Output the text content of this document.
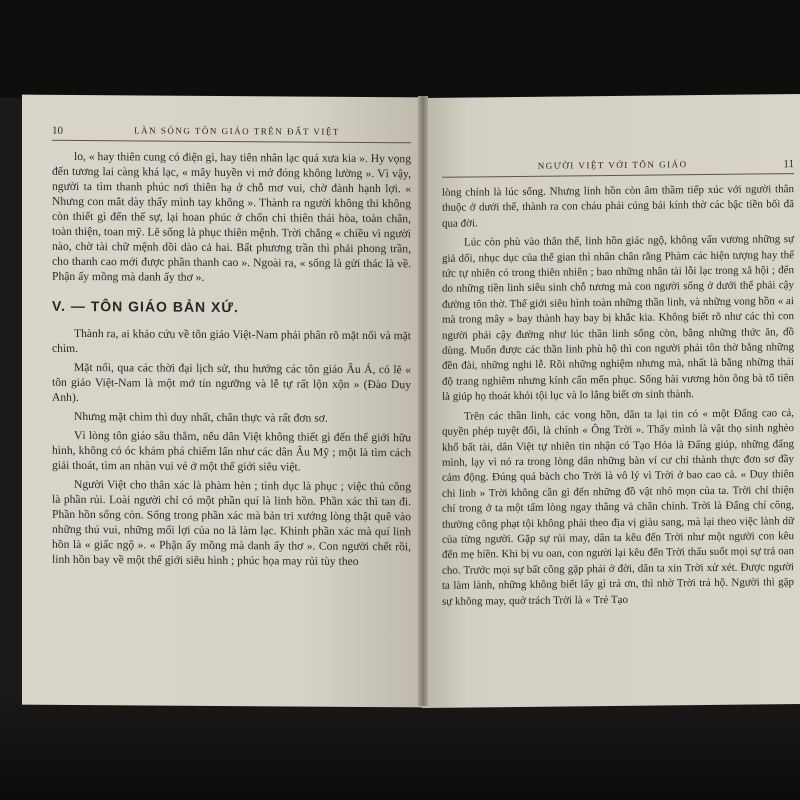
10	LÀN SÓNG TÔN GIÁO TRÊN ĐẤT VIỆT

lo, « hay thiên cung có điện gì, hay tiên nhân lạc quá xưa kia ». Hy vọng đến tương lai càng khá lạc, « mây huyền vi mở đóng không lường ». Vì vậy, người ta tìm thanh phúc nơi thiên hạ ở chỗ mơ vui, chờ đành hạnh lợi. « Nhưng con mắt dày thấy mình tay không ». Thành ra người không thi không còn thiết gì đến thế sự, lại hoan phúc ở chốn chi thiên thái hòa, toàn chân, toàn thiện, toan mỹ. Lẽ sống là phục thiên mệnh. Trời chẳng « chiều vì người nào, chờ tài chữ mệnh dồi dào cả hai. Bất phương trần thì phải phong trần, cho thanh cao mới được phần thanh cao ». Ngoài ra, « sống là gửi thác là về. Phận ấy mồng mà danh ấy thơ ».

V. — TÔN GIÁO BẢN XỨ.

Thành ra, ai khảo cứu về tôn giáo Việt-Nam phải phân rõ mặt nổi và mặt chìm.

Mặt nổi, qua các thời đại lịch sử, thu hướng các tôn giáo Âu Á, có lẽ « tôn giáo Việt-Nam là một mớ tín ngưỡng và lễ tự rất lộn xộn » (Đào Duy Anh).

Nhưng mặt chìm thì duy nhất, chân thực và rất đơn sơ.

Vì lòng tôn giáo sâu thẳm, nếu dân Việt không thiết gì đến thế giới hữu hình, không có óc khám phá chiếm lấn như các dân Âu Mỹ ; một là tìm cách giải thoát, tìm an nhàn vui vẻ ở một thế giới siêu việt.

Người Việt cho thân xác là phàm hèn ; tình dục là phục ; việc thủ công là phần rủi. Loài người chỉ có một phần quí là linh hồn. Phần xác thì tan đi. Phần hồn sống còn. Sống trong phần xác mà bản tri xướng lòng thật quê vào những thú vui, những mối lợi của no là làm lạc. Khinh phần xác mà quí linh hồn là « giấc ngộ ». « Phận ấy mồng mà danh ấy thơ ». Con người chết rồi, linh hồn bay về một thế giới siêu hình ; phúc họa may rủi tùy theo

NGƯỜI VIỆT VỚI TÔN GIÁO	11

lòng chính là lúc sống. Nhưng linh hồn còn âm thầm tiếp xúc với người thân thuộc ở dưới thế, thành ra con cháu phải cúng bái kính thờ các bậc tiền bối đã qua đời.

Lúc còn phù vào thân thế, linh hồn giác ngộ, không vấn vương những sự giả dối, nhục dục của thế gian thì nhân chân rằng Phàm các hiện tượng hay thế tức tự nhiên có trong thiên nhiên ; bao những nhân tài lỗi lạc trong xã hội ; đến do những tiền linh siêu sinh chỗ tương mà con người sống ở dưới thế phải cậy đường tôn thờ. Thế giới siêu hình toàn những thần linh, và những vong hồn « ai mà trong mây » bay thành hay bay bị khắc kia. Không biết rõ như các thì con người phải cậy đường như lúc thần linh sống còn, bằng những thức ăn, đồ dùng. Muốn được các thần linh phù hộ thì con người phải tôn thờ bằng những đền đài, những nghi lễ. Rồi những nghiệm nhưng mà, nhất là bằng những thái độ trang nghiêm nhưng kính cẩn mến phục. Sống hài vương hòn ông bà tổ tiên là giúp họ thoát khỏi tội lục và lo lắng biết ơn sinh thành.

Trên các thần linh, các vong hồn, dân ta lại tin có « một Đấng cao cả, quyền phép tuyệt đối, là chính « Ông Trời ». Thấy mình là vật thọ sinh nghèo khổ bất tài, dân Việt tự nhiên tin nhận có Tạo Hóa là Đấng giúp, những đấng mình, lạy vì nó ra trong lòng dân những bàn ví cư chỉ thành thực đơn sơ đầy cảm động. Đúng quá bàch cho Trời là vô lý vì Trời ở bao cao cả. « Duy thiên chi linh » Trời không cần gì đến những đồ vật nhỏ mọn của ta. Trời chỉ thiện chí trong ở ta một tấm lòng ngay thẳng và chân chính. Trời là Đấng chí công, thường công phạt tội không phải theo địa vị giàu sang, mà lại theo việc lành dữ của từng người. Gặp sự rủi may, dân ta kêu đến Trời như một người con kêu đến mẹ hiền. Khi bị vu oan, con người lại kêu đến Trời thấu suốt mọi sự trả oan cho. Trước mọi sự bất công gặp phải ở đời, dân ta xin Trời xử xét. Được người ta làm lành, những không biết lấy gì trả ơn, thì nhờ Trời trả hộ. Người thì gặp sự không may, quở trách Trời là « Trẻ Tạo
